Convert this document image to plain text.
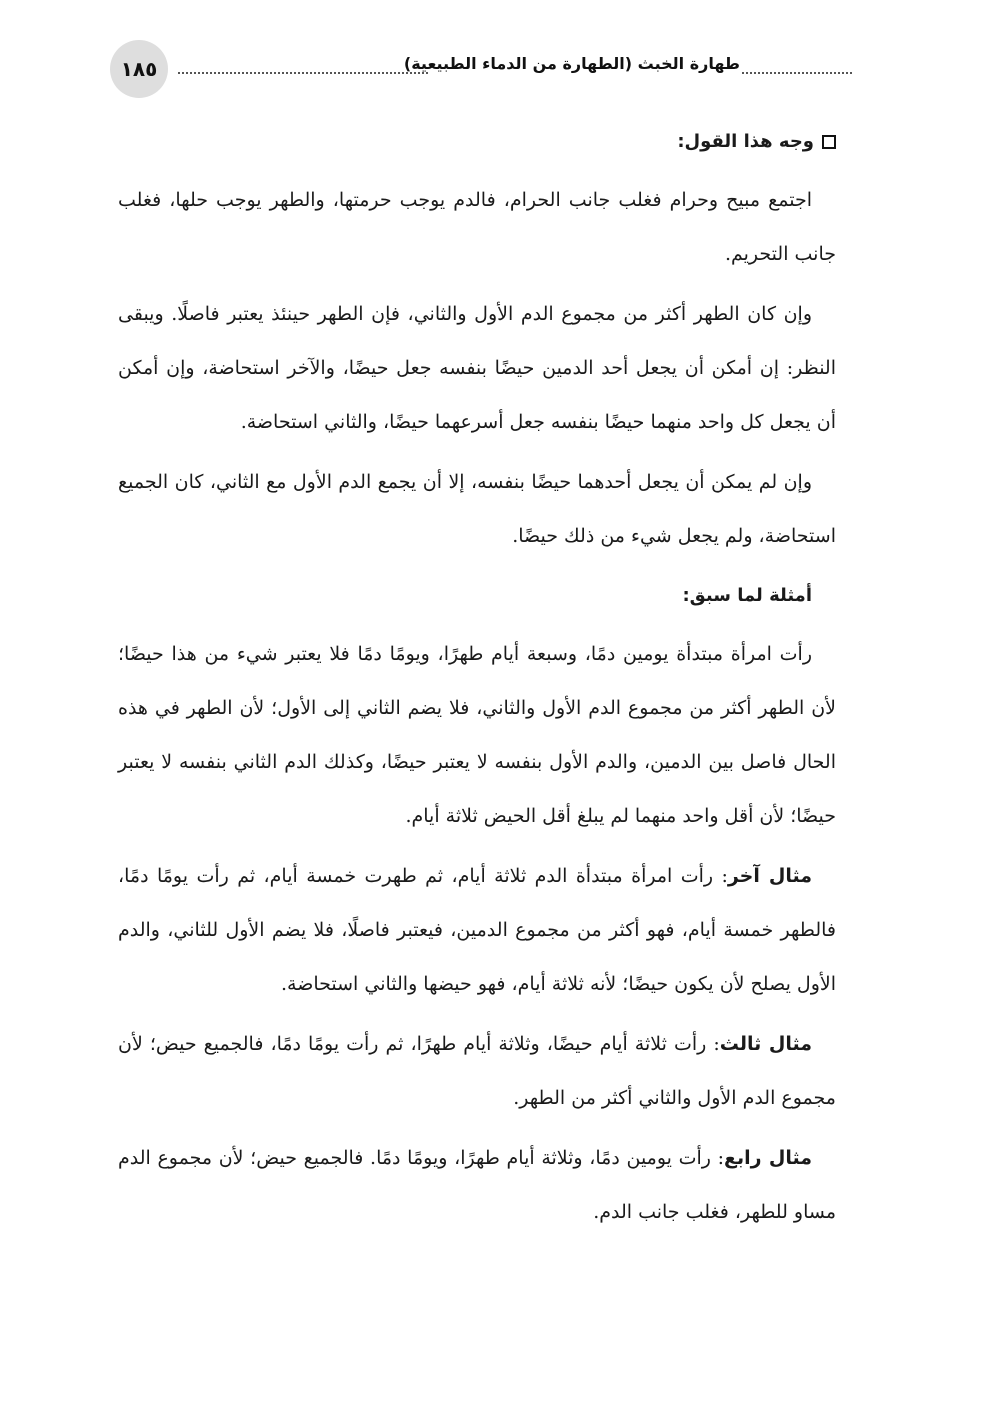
١٨٥	طهارة الخبث (الطهارة من الدماء الطبيعية)
وجه هذا القول:

اجتمع مبيح وحرام فغلب جانب الحرام، فالدم يوجب حرمتها، والطهر يوجب حلها، فغلب جانب التحريم.

وإن كان الطهر أكثر من مجموع الدم الأول والثاني، فإن الطهر حينئذ يعتبر فاصلًا. ويبقى النظر: إن أمكن أن يجعل أحد الدمين حيضًا بنفسه جعل حيضًا، والآخر استحاضة، وإن أمكن أن يجعل كل واحد منهما حيضًا بنفسه جعل أسرعهما حيضًا، والثاني استحاضة.

وإن لم يمكن أن يجعل أحدهما حيضًا بنفسه، إلا أن يجمع الدم الأول مع الثاني، كان الجميع استحاضة، ولم يجعل شيء من ذلك حيضًا.

أمثلة لما سبق:

رأت امرأة مبتدأة يومين دمًا، وسبعة أيام طهرًا، ويومًا دمًا فلا يعتبر شيء من هذا حيضًا؛ لأن الطهر أكثر من مجموع الدم الأول والثاني، فلا يضم الثاني إلى الأول؛ لأن الطهر في هذه الحال فاصل بين الدمين، والدم الأول بنفسه لا يعتبر حيضًا، وكذلك الدم الثاني بنفسه لا يعتبر حيضًا؛ لأن أقل واحد منهما لم يبلغ أقل الحيض ثلاثة أيام.

مثال آخر: رأت امرأة مبتدأة الدم ثلاثة أيام، ثم طهرت خمسة أيام، ثم رأت يومًا دمًا، فالطهر خمسة أيام، فهو أكثر من مجموع الدمين، فيعتبر فاصلًا، فلا يضم الأول للثاني، والدم الأول يصلح لأن يكون حيضًا؛ لأنه ثلاثة أيام، فهو حيضها والثاني استحاضة.

مثال ثالث: رأت ثلاثة أيام حيضًا، وثلاثة أيام طهرًا، ثم رأت يومًا دمًا، فالجميع حيض؛ لأن مجموع الدم الأول والثاني أكثر من الطهر.

مثال رابع: رأت يومين دمًا، وثلاثة أيام طهرًا، ويومًا دمًا. فالجميع حيض؛ لأن مجموع الدم مساو للطهر، فغلب جانب الدم.
